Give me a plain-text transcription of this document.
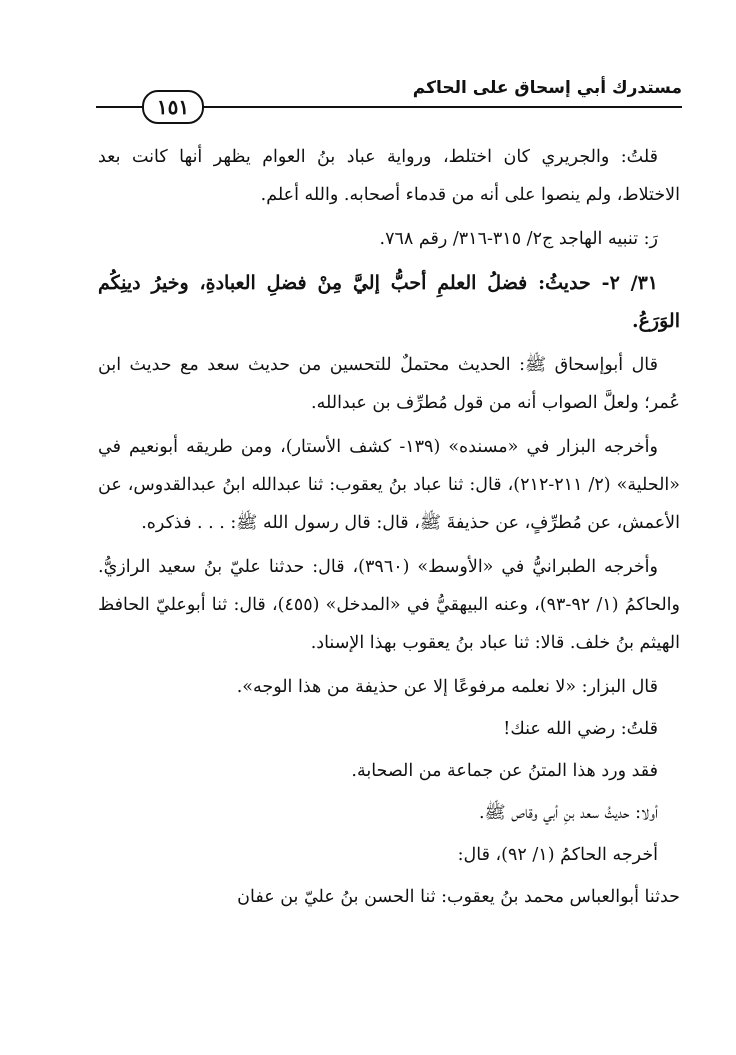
مستدرك أبي إسحاق على الحاكم
١٥١

قلتُ: والجريري كان اختلط، ورواية عباد بنُ العوام يظهر أنها كانت بعد الاختلاط، ولم ينصوا على أنه من قدماء أصحابه. والله أعلم.

رَ: تنبيه الهاجد ج٢/ ٣١٥-٣١٦/ رقم ٧٦٨.

٣١/ ٢- حديثُ: فضلُ العلمِ أحبُّ إليَّ مِنْ فضلِ العبادةِ، وخيرُ دينِكُم الوَرَعُ.

قال أبوإسحاق ﷺ: الحديث محتملٌ للتحسين من حديث سعد مع حديث ابن عُمر؛ ولعلَّ الصواب أنه من قول مُطرِّف بن عبدالله.

وأخرجه البزار في «مسنده» (١٣٩- كشف الأستار)، ومن طريقه أبونعيم في «الحلية» (٢/ ٢١١-٢١٢)، قال: ثنا عباد بنُ يعقوب: ثنا عبدالله ابنُ عبدالقدوس، عن الأعمش، عن مُطرِّفٍ، عن حذيفةَ ﷺ، قال: قال رسول الله ﷺ: . . . فذكره.

وأخرجه الطبرانيُّ في «الأوسط» (٣٩٦٠)، قال: حدثنا عليّ بنُ سعيد الرازيُّ. والحاكمُ (١/ ٩٢-٩٣)، وعنه البيهقيُّ في «المدخل» (٤٥٥)، قال: ثنا أبوعليّ الحافظ الهيثم بنُ خلف. قالا: ثنا عباد بنُ يعقوب بهذا الإسناد.

قال البزار: «لا نعلمه مرفوعًا إلا عن حذيفة من هذا الوجه».

قلتُ: رضي الله عنك!

فقد ورد هذا المتنُ عن جماعة من الصحابة.

أولا: حديثُ سعد بنِ أبي وقاص ﷺ.

أخرجه الحاكمُ (١/ ٩٢)، قال:

حدثنا أبوالعباس محمد بنُ يعقوب: ثنا الحسن بنُ عليّ بن عفان
